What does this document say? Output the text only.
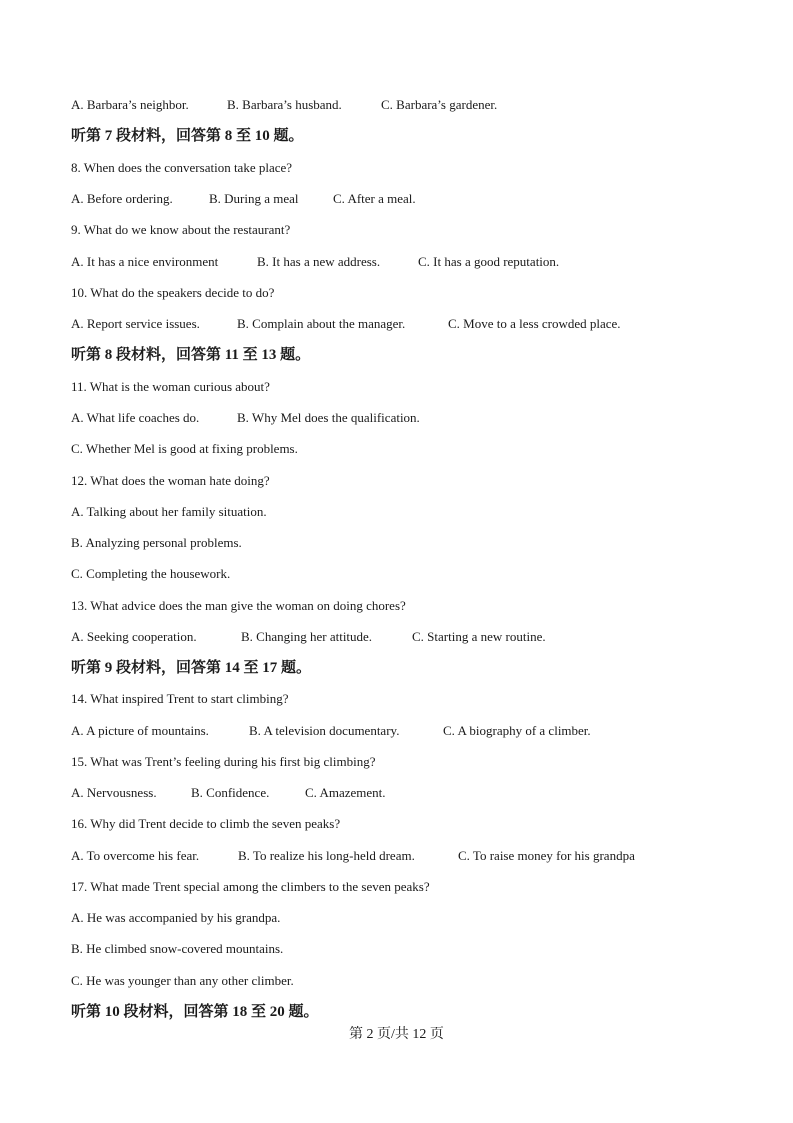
A. Barbara’s neighbor.	B. Barbara’s husband.	C. Barbara’s gardener.
听第 7 段材料，回答第 8 至 10 题。
8. When does the conversation take place?
A. Before ordering.	B. During a meal	C. After a meal.
9. What do we know about the restaurant?
A. It has a nice environment	B. It has a new address.	C. It has a good reputation.
10. What do the speakers decide to do?
A. Report service issues.	B. Complain about the manager.	C. Move to a less crowded place.
听第 8 段材料，回答第 11 至 13 题。
11. What is the woman curious about?
A. What life coaches do.	B. Why Mel does the qualification.
C. Whether Mel is good at fixing problems.
12. What does the woman hate doing?
A. Talking about her family situation.
B. Analyzing personal problems.
C. Completing the housework.
13. What advice does the man give the woman on doing chores?
A. Seeking cooperation.	B. Changing her attitude.	C. Starting a new routine.
听第 9 段材料，回答第 14 至 17 题。
14. What inspired Trent to start climbing?
A. A picture of mountains.	B. A television documentary.	C. A biography of a climber.
15. What was Trent’s feeling during his first big climbing?
A. Nervousness.	B. Confidence.	C. Amazement.
16. Why did Trent decide to climb the seven peaks?
A. To overcome his fear.	B. To realize his long-held dream.	C. To raise money for his grandpa
17. What made Trent special among the climbers to the seven peaks?
A. He was accompanied by his grandpa.
B. He climbed snow-covered mountains.
C. He was younger than any other climber.
听第 10 段材料，回答第 18 至 20 题。
第 2 页/共 12 页
